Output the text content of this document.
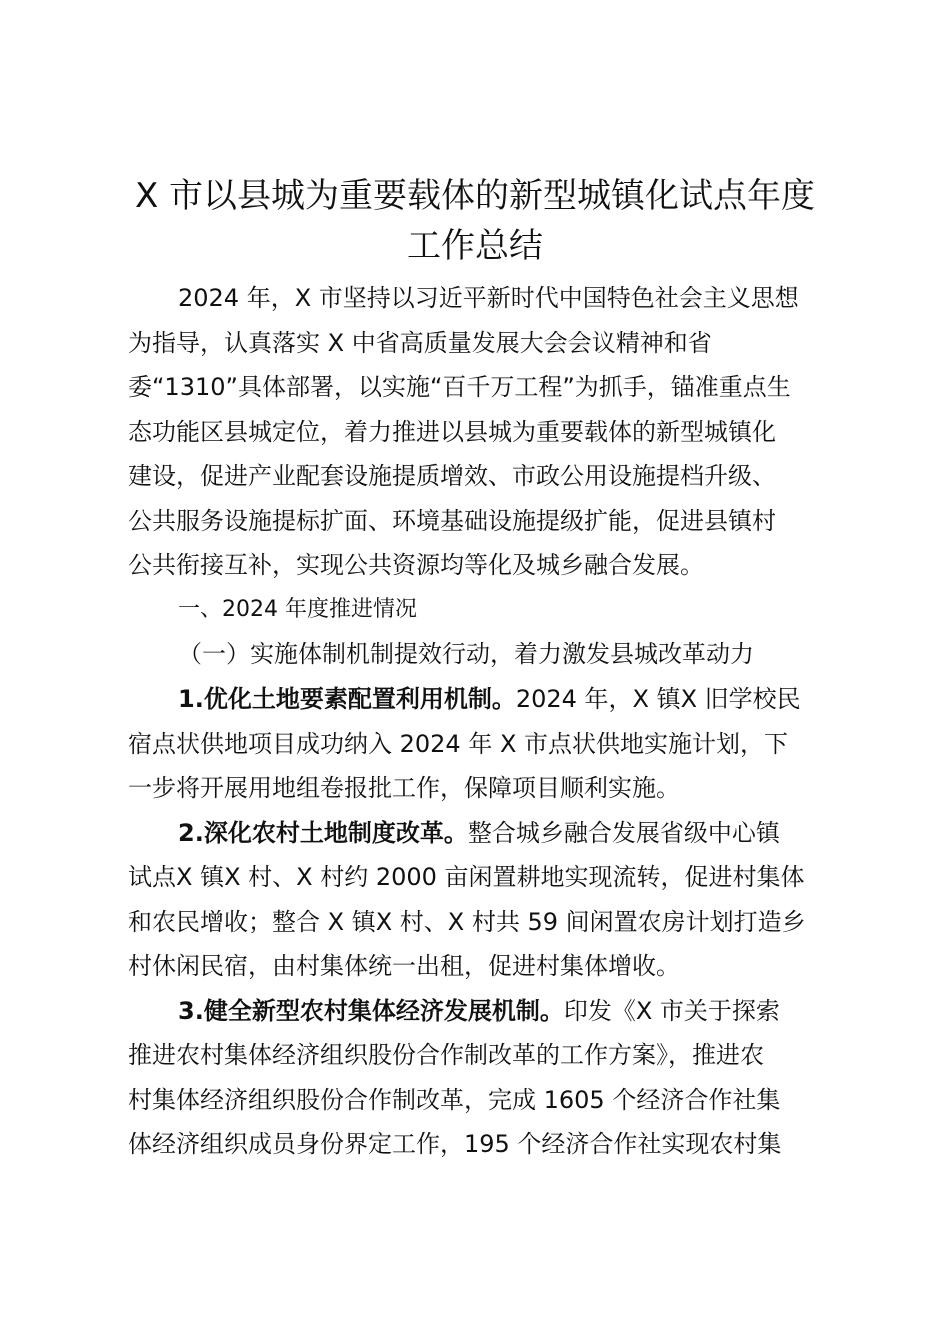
X 市以县城为重要载体的新型城镇化试点年度
工作总结
2024 年，X 市坚持以习近平新时代中国特色社会主义思想
为指导，认真落实 X 中省高质量发展大会会议精神和省
委“1310”具体部署，以实施“百千万工程”为抓手，锚准重点生
态功能区县城定位，着力推进以县城为重要载体的新型城镇化
建设，促进产业配套设施提质增效、市政公用设施提档升级、
公共服务设施提标扩面、环境基础设施提级扩能，促进县镇村
公共衔接互补，实现公共资源均等化及城乡融合发展。
一、2024 年度推进情况
（一）实施体制机制提效行动，着力激发县城改革动力
1.优化土地要素配置利用机制。2024 年，X 镇X 旧学校民
宿点状供地项目成功纳入 2024 年 X 市点状供地实施计划，下
一步将开展用地组卷报批工作，保障项目顺利实施。
2.深化农村土地制度改革。整合城乡融合发展省级中心镇
试点X 镇X 村、X 村约 2000 亩闲置耕地实现流转，促进村集体
和农民增收；整合 X 镇X 村、X 村共 59 间闲置农房计划打造乡
村休闲民宿，由村集体统一出租，促进村集体增收。
3.健全新型农村集体经济发展机制。印发《X 市关于探索
推进农村集体经济组织股份合作制改革的工作方案》，推进农
村集体经济组织股份合作制改革，完成 1605 个经济合作社集
体经济组织成员身份界定工作，195 个经济合作社实现农村集
